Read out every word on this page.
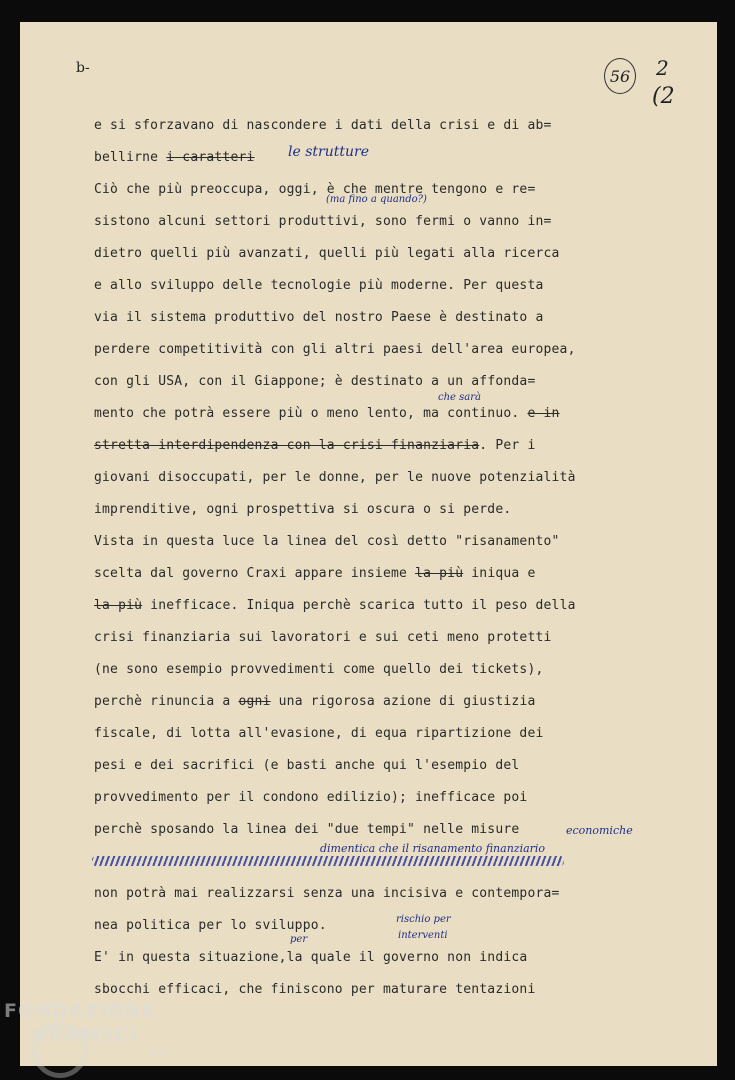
b-	56 2
(2
e si sforzavano di nascondere i dati della crisi e di ab=
bellirne i caratteri le strutture
(ma fino a quando?)
Ciò che più preoccupa, oggi, è che mentre tengono e re=
sistono alcuni settori produttivi, sono fermi o vanno in=
dietro quelli più avanzati, quelli più legati alla ricerca
e allo sviluppo delle tecnologie più moderne. Per questa
via il sistema produttivo del nostro Paese è destinato a
perdere competitività con gli altri paesi dell'area europea,
con gli USA, con il Giappone; è destinato a un affonda=
che sarà
mento che potrà essere più o meno lento, ma continuo. e in
stretta interdipendenza con la crisi finanziaria. Per i
giovani disoccupati, per le donne, per le nuove potenzialità
imprenditive, ogni prospettiva si oscura o si perde.
Vista in questa luce la linea del così detto "risanamento"
scelta dal governo Craxi appare insieme la più iniqua e
la più inefficace. Iniqua perchè scarica tutto il peso della
crisi finanziaria sui lavoratori e sui ceti meno protetti
(ne sono esempio provvedimenti come quello dei tickets),
perchè rinuncia a ogni una rigorosa azione di giustizia
fiscale, di lotta all'evasione, di equa ripartizione dei
pesi e dei sacrifici (e basti anche qui l'esempio del
provvedimento per il condono edilizio); inefficace poi
perchè sposando la linea dei "due tempi" nelle misure	economiche
dimentica che il risanamento finanziario
non potrà mai realizzarsi senza una incisiva e contempora=
nea politica per lo sviluppo.	rischio per
interventi
per
E' in questa situazione,la quale il governo non indica
sbocchi efficaci, che finiscono per maturare tentazioni
FONDAZIONE
GRAMSCI
onlus
